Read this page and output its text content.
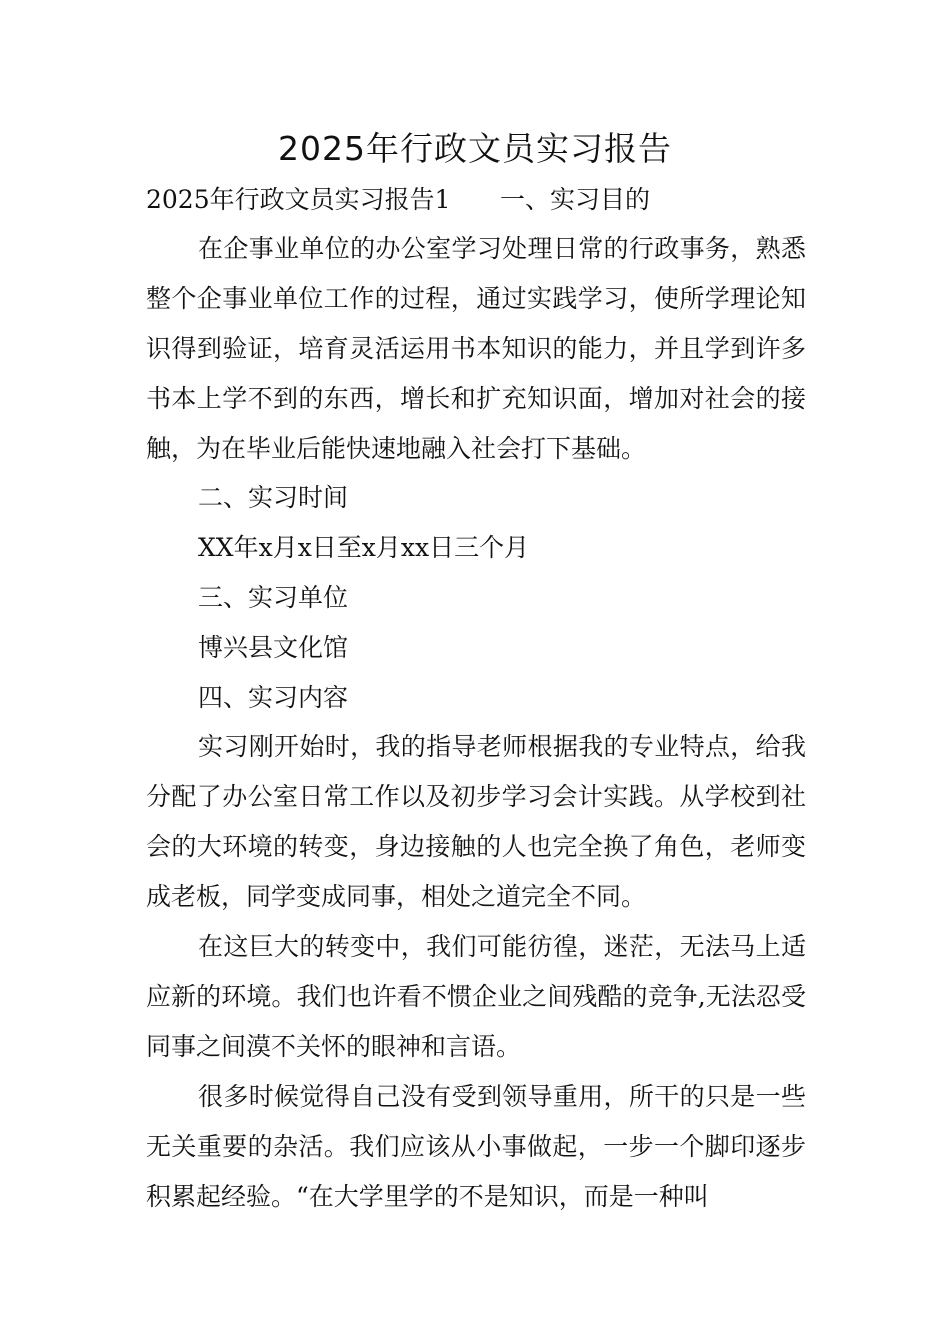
2025年行政文员实习报告
2025年行政文员实习报告1 一、实习目的

在企事业单位的办公室学习处理日常的行政事务，熟悉整个企事业单位工作的过程，通过实践学习，使所学理论知识得到验证，培育灵活运用书本知识的能力，并且学到许多书本上学不到的东西，增长和扩充知识面，增加对社会的接触，为在毕业后能快速地融入社会打下基础。

二、实习时间

XX年x月x日至x月xx日三个月

三、实习单位

博兴县文化馆

四、实习内容

实习刚开始时，我的指导老师根据我的专业特点，给我分配了办公室日常工作以及初步学习会计实践。从学校到社会的大环境的转变，身边接触的人也完全换了角色，老师变成老板，同学变成同事，相处之道完全不同。

在这巨大的转变中，我们可能彷徨，迷茫，无法马上适应新的环境。我们也许看不惯企业之间残酷的竞争,无法忍受同事之间漠不关怀的眼神和言语。

很多时候觉得自己没有受到领导重用，所干的只是一些无关重要的杂活。我们应该从小事做起，一步一个脚印逐步积累起经验。“在大学里学的不是知识，而是一种叫
